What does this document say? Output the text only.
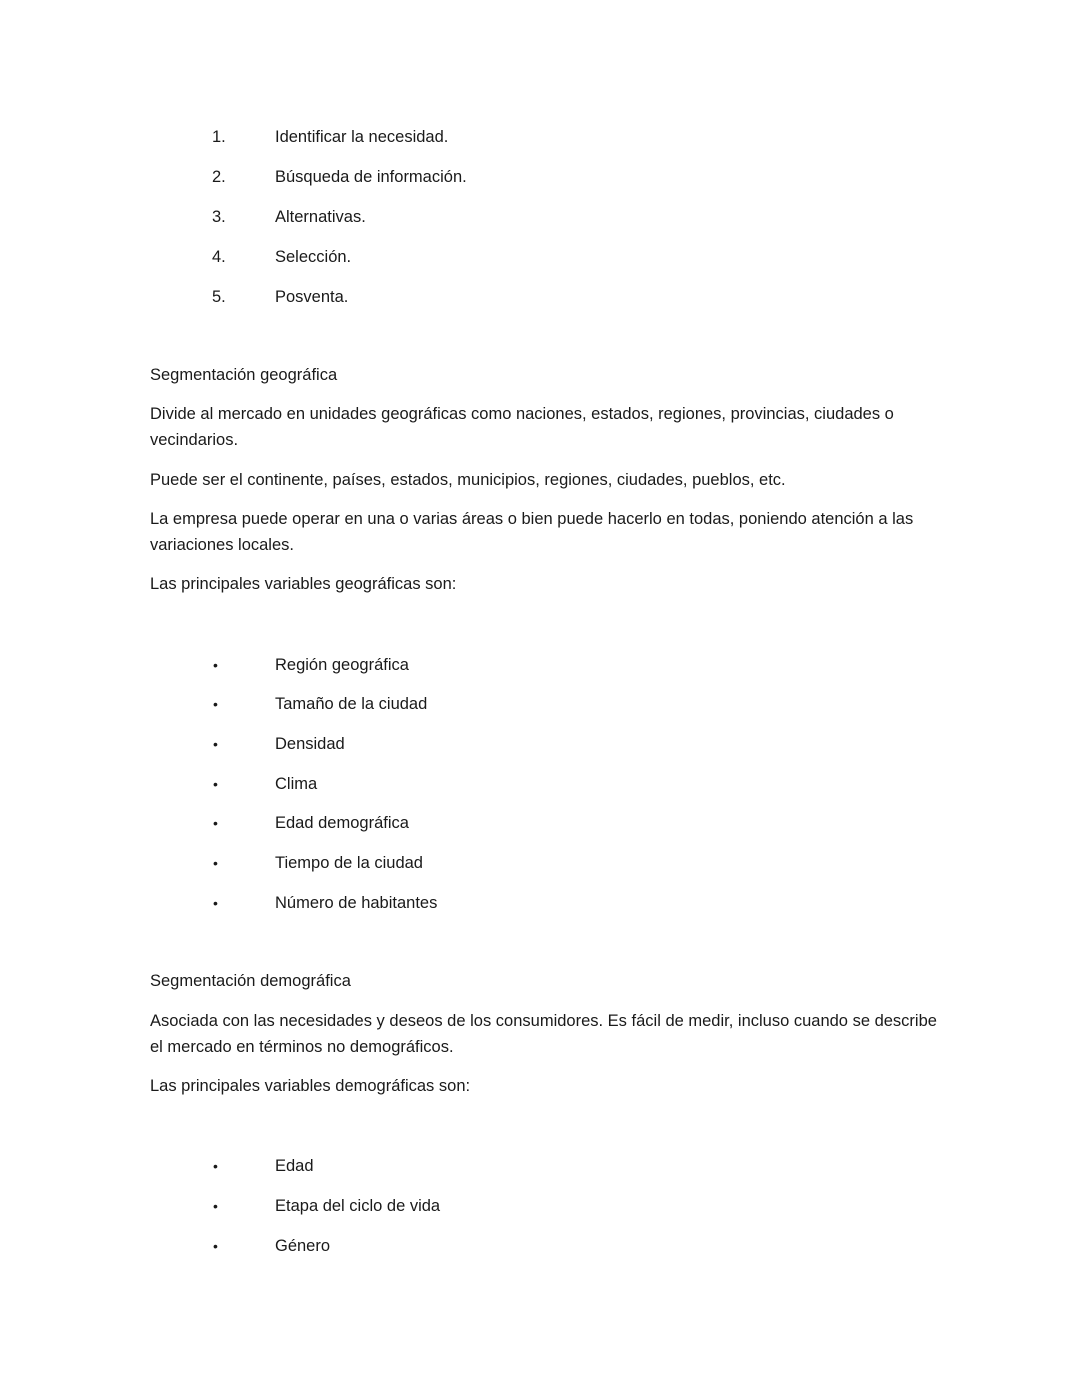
1.	Identificar la necesidad.
2.	Búsqueda de información.
3.	Alternativas.
4.	Selección.
5.	Posventa.

Segmentación geográfica

Divide al mercado en unidades geográficas como naciones, estados, regiones, provincias, ciudades o vecindarios.

Puede ser el continente, países, estados, municipios, regiones, ciudades, pueblos, etc.

La empresa puede operar en una o varias áreas o bien puede hacerlo en todas, poniendo atención a las variaciones locales.

Las principales variables geográficas son:

•	Región geográfica
•	Tamaño de la ciudad
•	Densidad
•	Clima
•	Edad demográfica
•	Tiempo de la ciudad
•	Número de habitantes

Segmentación demográfica

Asociada con las necesidades y deseos de los consumidores. Es fácil de medir, incluso cuando se describe el mercado en términos no demográficos.

Las principales variables demográficas son:

•	Edad
•	Etapa del ciclo de vida
•	Género
